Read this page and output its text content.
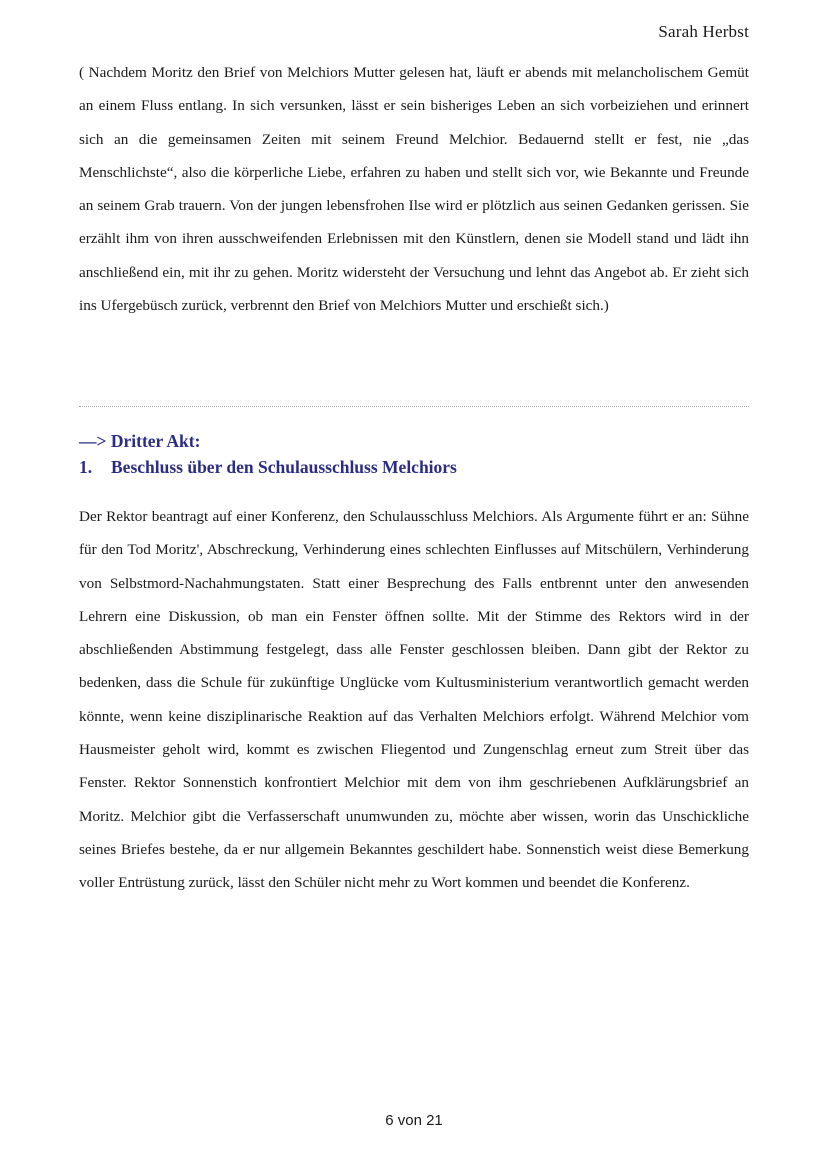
Sarah Herbst

( Nachdem Moritz den Brief von Melchiors Mutter gelesen hat, läuft er abends mit melancholischem Gemüt an einem Fluss entlang. In sich versunken, lässt er sein bisheriges Leben an sich vorbeiziehen und erinnert sich an die gemeinsamen Zeiten mit seinem Freund Melchior. Bedauernd stellt er fest, nie „das Menschlichste“, also die körperliche Liebe, erfahren zu haben und stellt sich vor, wie Bekannte und Freunde an seinem Grab trauern. Von der jungen lebensfrohen Ilse wird er plötzlich aus seinen Gedanken gerissen. Sie erzählt ihm von ihren ausschweifenden Erlebnissen mit den Künstlern, denen sie Modell stand und lädt ihn anschließend ein, mit ihr zu gehen. Moritz widersteht der Versuchung und lehnt das Angebot ab. Er zieht sich ins Ufergebüsch zurück, verbrennt den Brief von Melchiors Mutter und erschießt sich.)

—> Dritter Akt:
1.	Beschluss über den Schulausschluss Melchiors

Der Rektor beantragt auf einer Konferenz, den Schulausschluss Melchiors. Als Argumente führt er an: Sühne für den Tod Moritz', Abschreckung, Verhinderung eines schlechten Einflusses auf Mitschülern, Verhinderung von Selbstmord-Nachahmungstaten. Statt einer Besprechung des Falls entbrennt unter den anwesenden Lehrern eine Diskussion, ob man ein Fenster öffnen sollte. Mit der Stimme des Rektors wird in der abschließenden Abstimmung festgelegt, dass alle Fenster geschlossen bleiben. Dann gibt der Rektor zu bedenken, dass die Schule für zukünftige Unglücke vom Kultusministerium verantwortlich gemacht werden könnte, wenn keine disziplinarische Reaktion auf das Verhalten Melchiors erfolgt. Während Melchior vom Hausmeister geholt wird, kommt es zwischen Fliegentod und Zungenschlag erneut zum Streit über das Fenster. Rektor Sonnenstich konfrontiert Melchior mit dem von ihm geschriebenen Aufklärungsbrief an Moritz. Melchior gibt die Verfasserschaft unumwunden zu, möchte aber wissen, worin das Unschickliche seines Briefes bestehe, da er nur allgemein Bekanntes geschildert habe. Sonnenstich weist diese Bemerkung voller Entrüstung zurück, lässt den Schüler nicht mehr zu Wort kommen und beendet die Konferenz.

6 von 21
